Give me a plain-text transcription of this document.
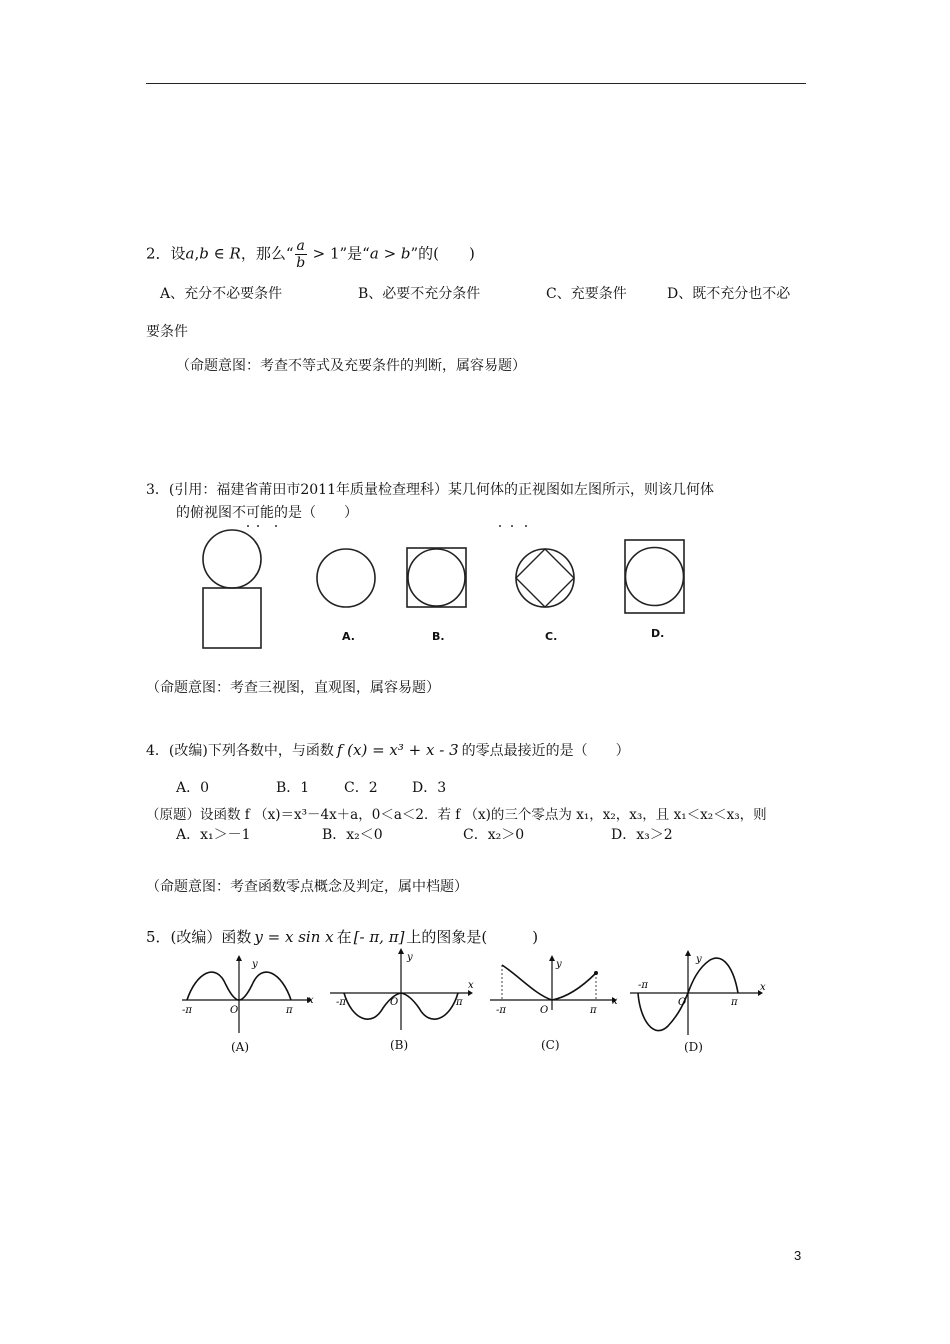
2．设a,b ∈ R，那么“ $\frac{a}{b} > 1$”是“a > b”的(　　)
A、充分不必要条件	B、必要不充分条件	C、充要条件	D、既不充分也不必
要条件
（命题意图：考查不等式及充要条件的判断，属容易题）
3．(引用：福建省莆田市2011年质量检查理科）某几何体的正视图如左图所示，则该几何体
的俯视图不可能的是（　　）
A.	B.	C.	D.
（命题意图：考查三视图，直观图，属容易题）
4．(改编)下列各数中，与函数 f (x) = x³ + x - 3 的零点最接近的是（　　）
A．0	B．1 C．2 D．3
（原题）设函数 f （x)＝x³－4x＋a，0＜a＜2．若 f （x)的三个零点为 x₁，x₂，x₃，且 x₁＜x₂＜x₃，则
A．x₁＞－1	B．x₂＜0	C．x₂＞0	D．x₃＞2
（命题意图：考查函数零点概念及判定，属中档题）
5．(改编）函数 y = x sin x 在 [- π, π] 上的图象是(　　　)
y
x
-π	π
O
y
x
-π	π
O
y
x
-π	π
O
y
x
-π
π
O
(A)	(B)	(C)	(D)
3
